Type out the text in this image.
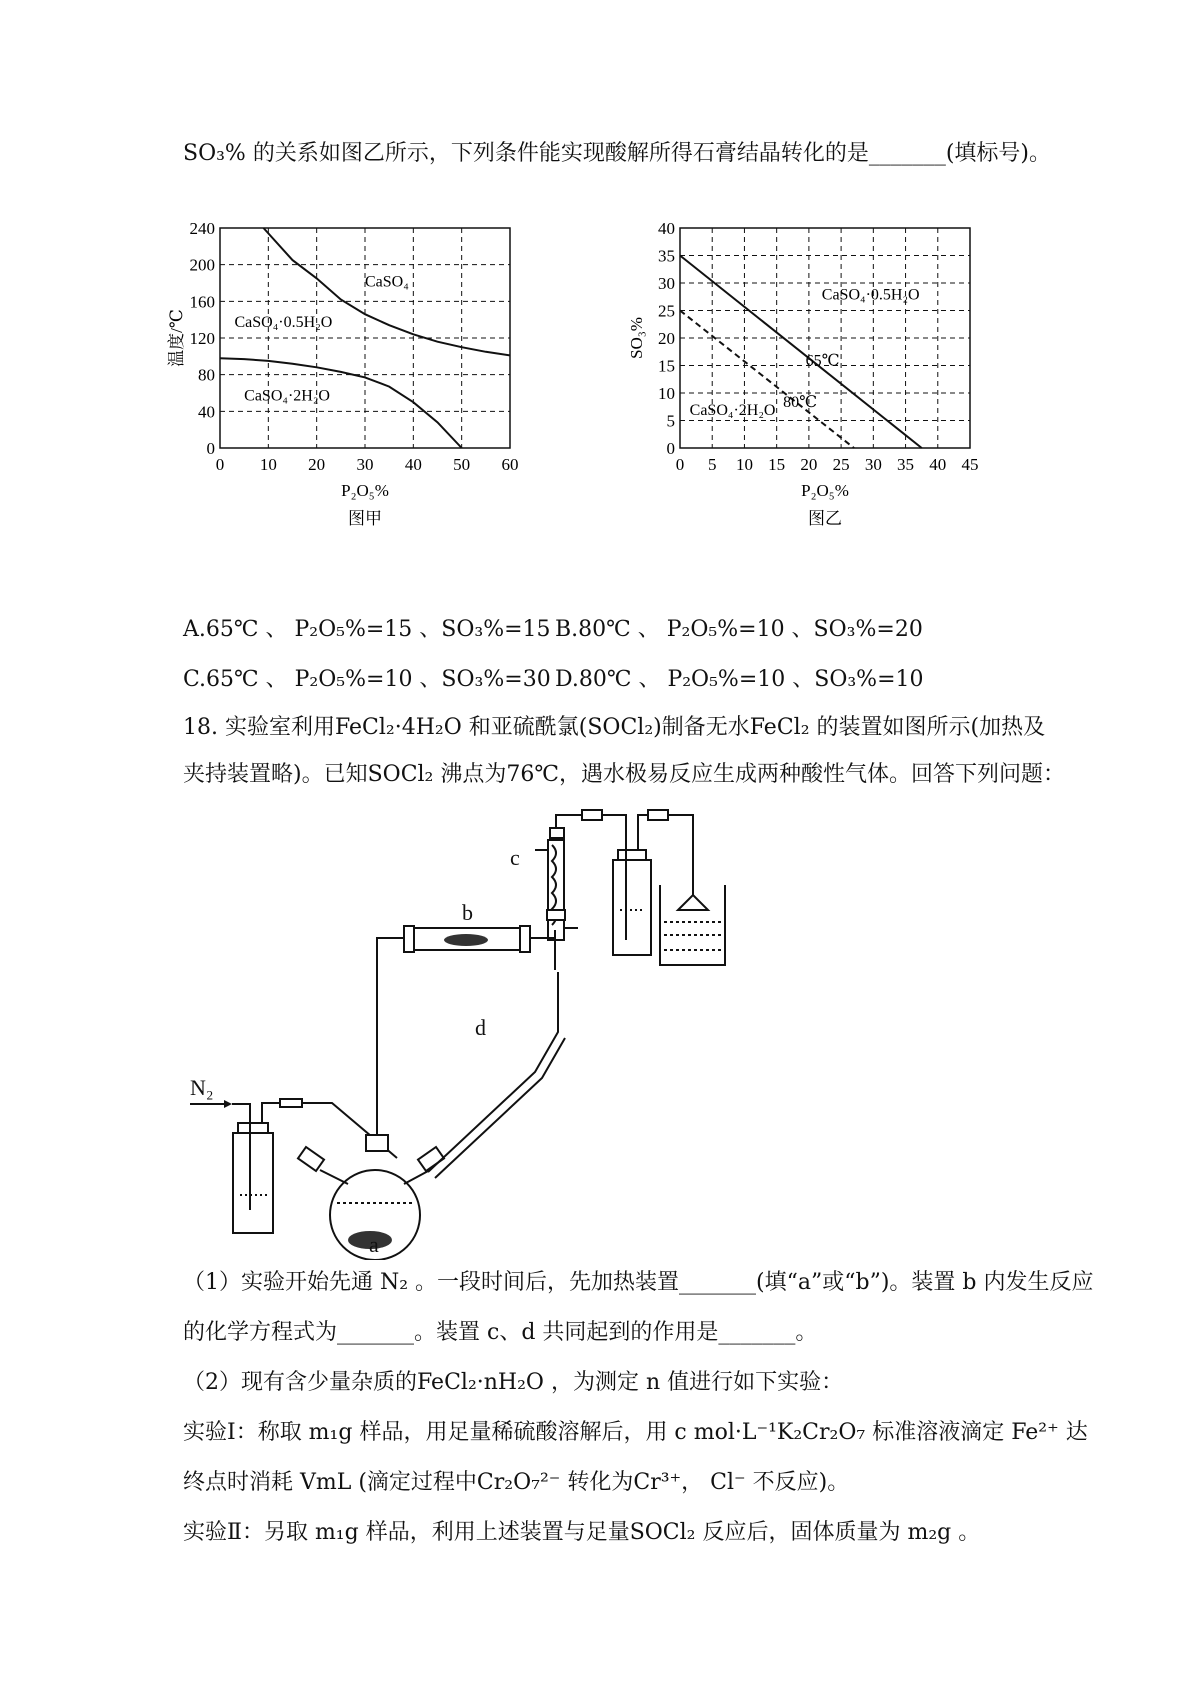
SO₃% 的关系如图乙所示，下列条件能实现酸解所得石膏结晶转化的是_______(填标号)。
0 10 20 30 40 50 60
0
40
80
120
160
200
240
CaSO₄
CaSO₄·0.5H₂O
CaSO₄·2H₂O
P₂O₅%
图甲
温度/℃
0 5 10 15 20 25 30 35 40 45
0
5
10
15
20
25
30
35
40
CaSO₄·0.5H₂O
CaSO₄·2H₂O
65℃
80℃
P₂O₅%
图乙
SO₃%
A.65℃ 、 P₂O₅%=15 、SO₃%=15 B.80℃ 、 P₂O₅%=10 、SO₃%=20
C.65℃ 、 P₂O₅%=10 、SO₃%=30 D.80℃ 、 P₂O₅%=10 、SO₃%=10
18. 实验室利用FeCl₂·4H₂O 和亚硫酰氯(SOCl₂)制备无水FeCl₂ 的装置如图所示(加热及
夹持装置略)。已知SOCl₂ 沸点为76℃，遇水极易反应生成两种酸性气体。回答下列问题：
N₂
a
b
c
d
（1）实验开始先通 N₂ 。一段时间后，先加热装置_______(填“a”或“b”)。装置 b 内发生反应
的化学方程式为_______。装置 c、d 共同起到的作用是_______。
（2）现有含少量杂质的FeCl₂·nH₂O ，为测定 n 值进行如下实验：
实验Ⅰ：称取 m₁g 样品，用足量稀硫酸溶解后，用 c mol·L⁻¹K₂Cr₂O₇ 标准溶液滴定 Fe²⁺ 达
终点时消耗 VmL (滴定过程中Cr₂O₇²⁻ 转化为Cr³⁺， Cl⁻ 不反应)。
实验Ⅱ：另取 m₁g 样品，利用上述装置与足量SOCl₂ 反应后，固体质量为 m₂g 。
